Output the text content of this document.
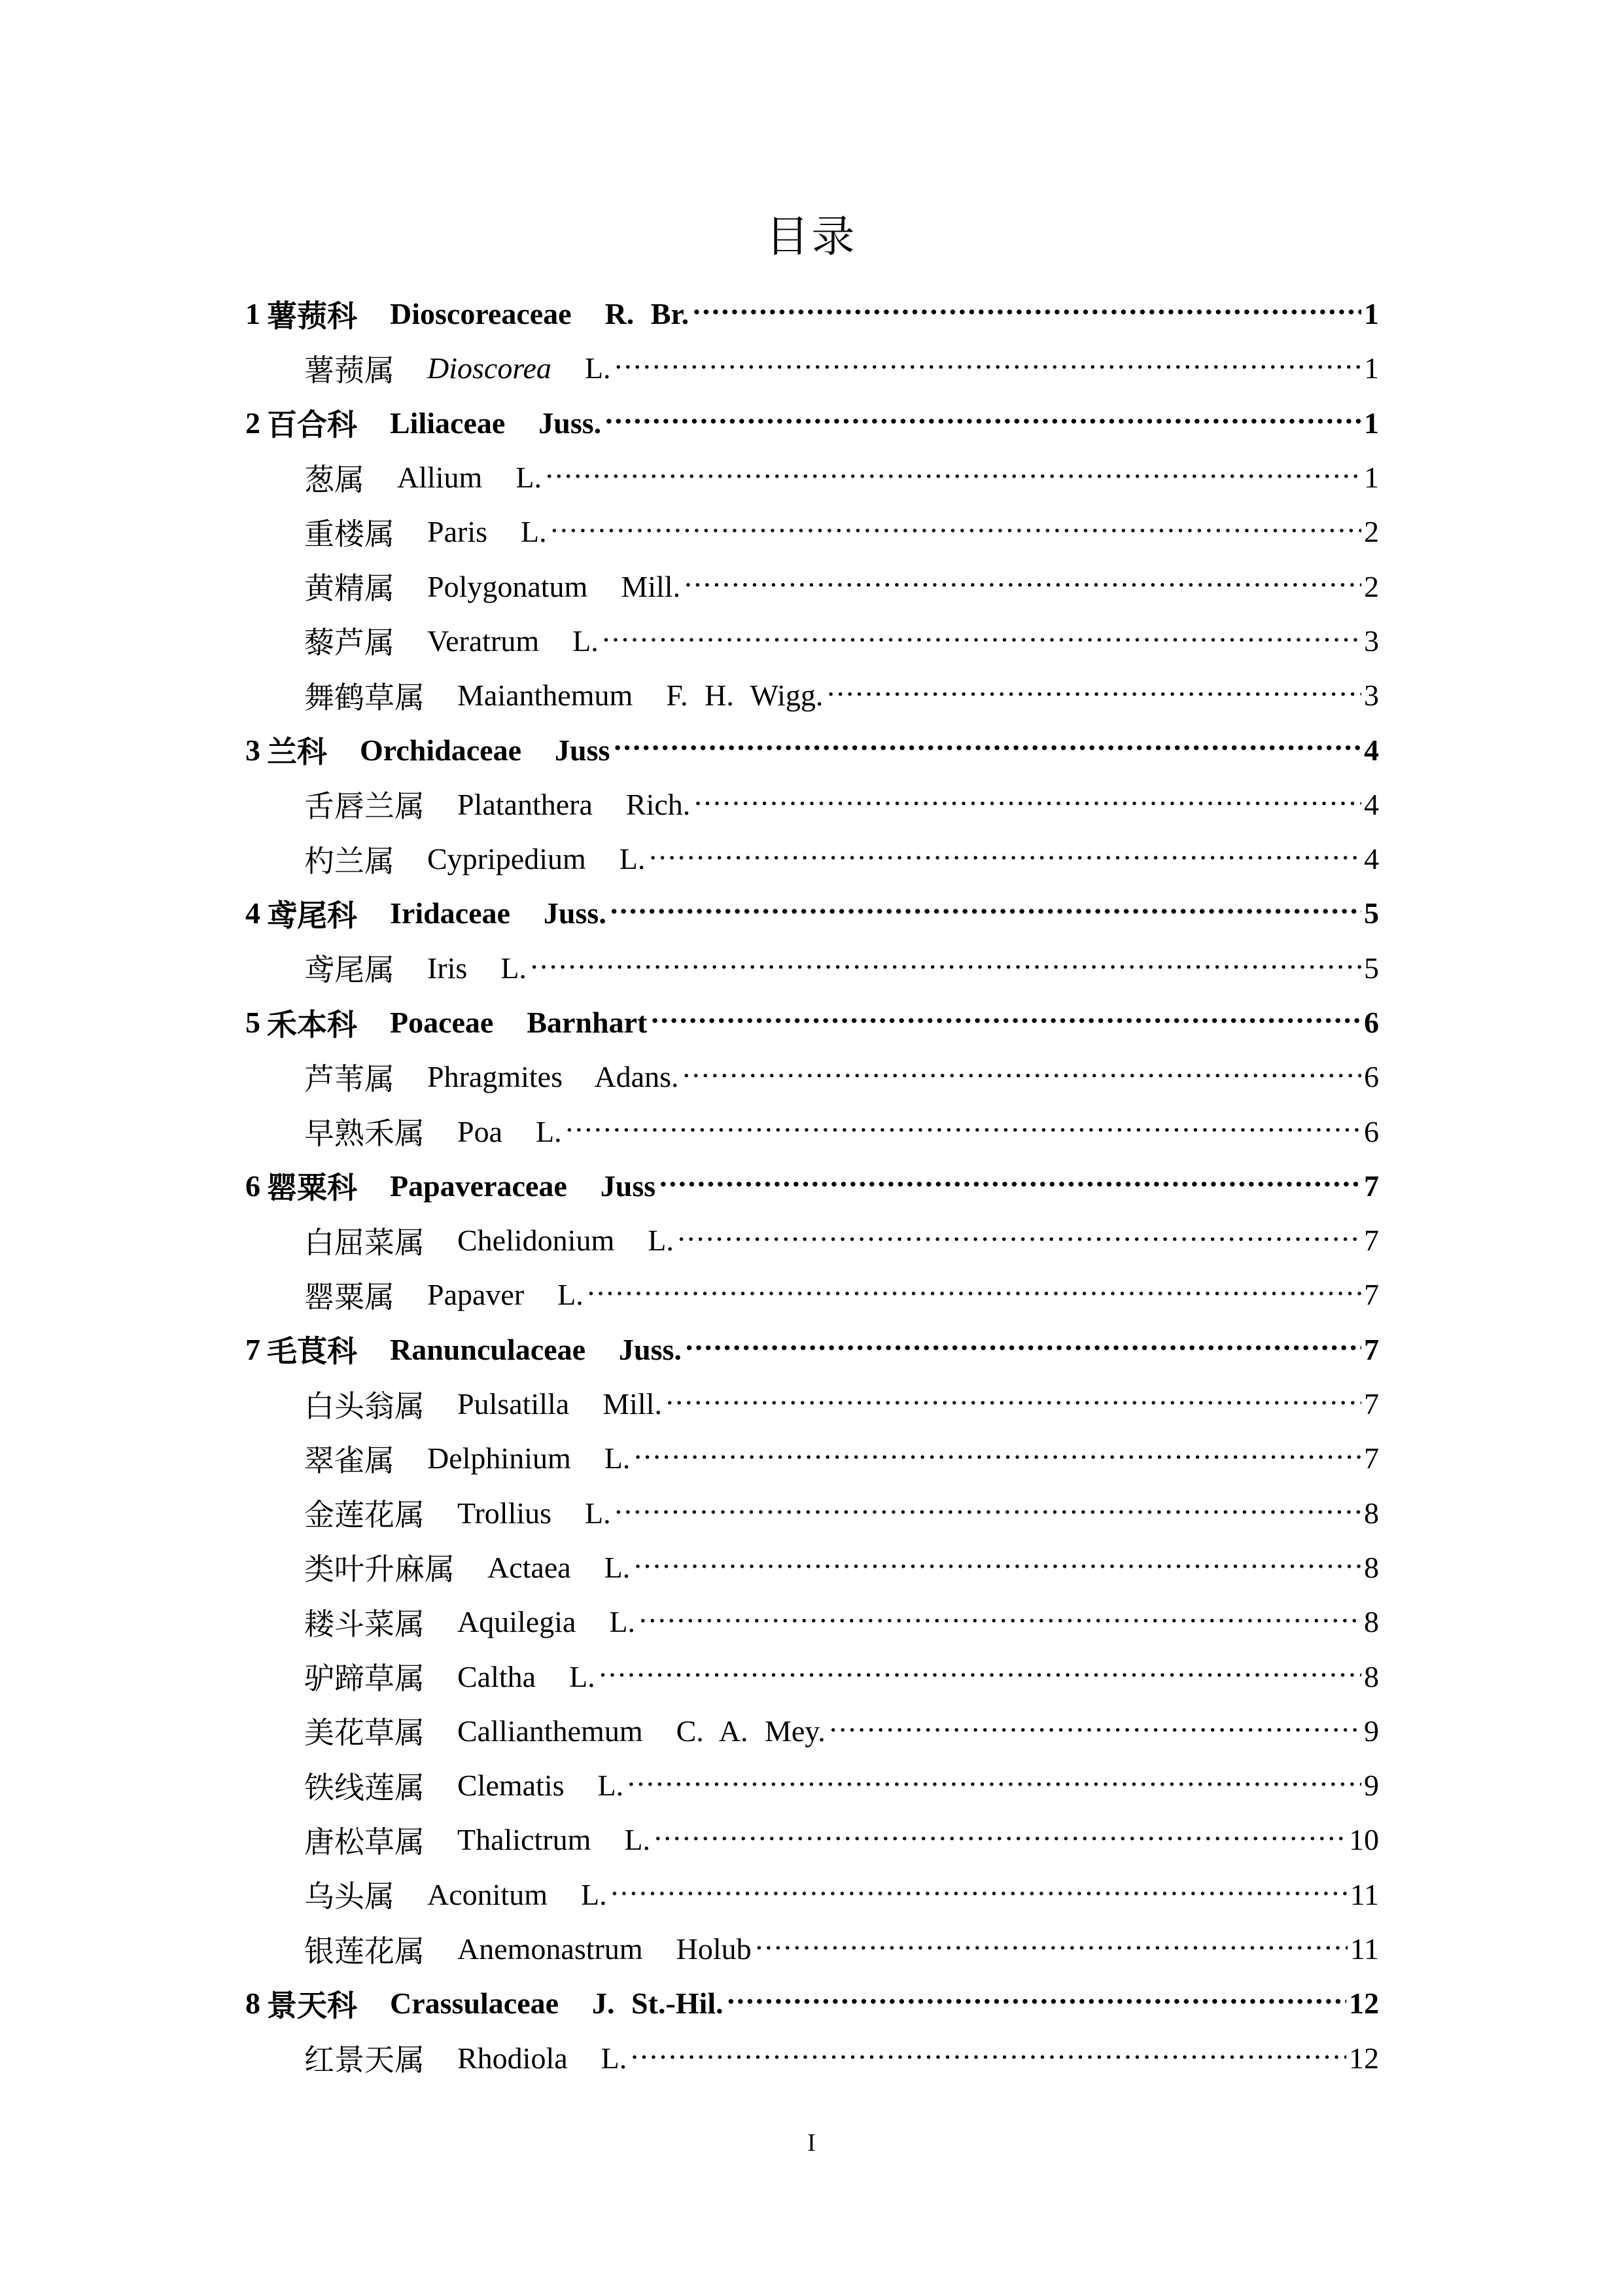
目录
1 薯蓣科 Dioscoreaceae  R. Br. .....	1
薯蓣属 Dioscorea  L. .....	1
2 百合科 Liliaceae  Juss. .....	1
葱属 Allium  L. .....	1
重楼属 Paris  L. .....	2
黄精属 Polygonatum  Mill. .....	2
藜芦属 Veratrum  L. .....	3
舞鹤草属 Maianthemum  F. H. Wigg. .....	3
3 兰科 Orchidaceae  Juss .....	4
舌唇兰属 Platanthera  Rich. .....	4
杓兰属 Cypripedium  L. .....	4
4 鸢尾科 Iridaceae  Juss. .....	5
鸢尾属 Iris  L. .....	5
5 禾本科 Poaceae  Barnhart .....	6
芦苇属 Phragmites  Adans. .....	6
早熟禾属 Poa  L. .....	6
6 罂粟科 Papaveraceae  Juss .....	7
白屈菜属 Chelidonium  L. .....	7
罂粟属 Papaver  L. .....	7
7 毛茛科 Ranunculaceae  Juss. .....	7
白头翁属 Pulsatilla  Mill. .....	7
翠雀属 Delphinium  L. .....	7
金莲花属 Trollius  L. .....	8
类叶升麻属 Actaea  L. .....	8
耧斗菜属 Aquilegia  L. .....	8
驴蹄草属 Caltha  L. .....	8
美花草属 Callianthemum  C. A. Mey. .....	9
铁线莲属 Clematis  L. .....	9
唐松草属 Thalictrum  L. .....	10
乌头属 Aconitum  L. .....	11
银莲花属 Anemonastrum  Holub .....	11
8 景天科 Crassulaceae  J. St.-Hil. .....	12
红景天属 Rhodiola  L. .....	12
I
